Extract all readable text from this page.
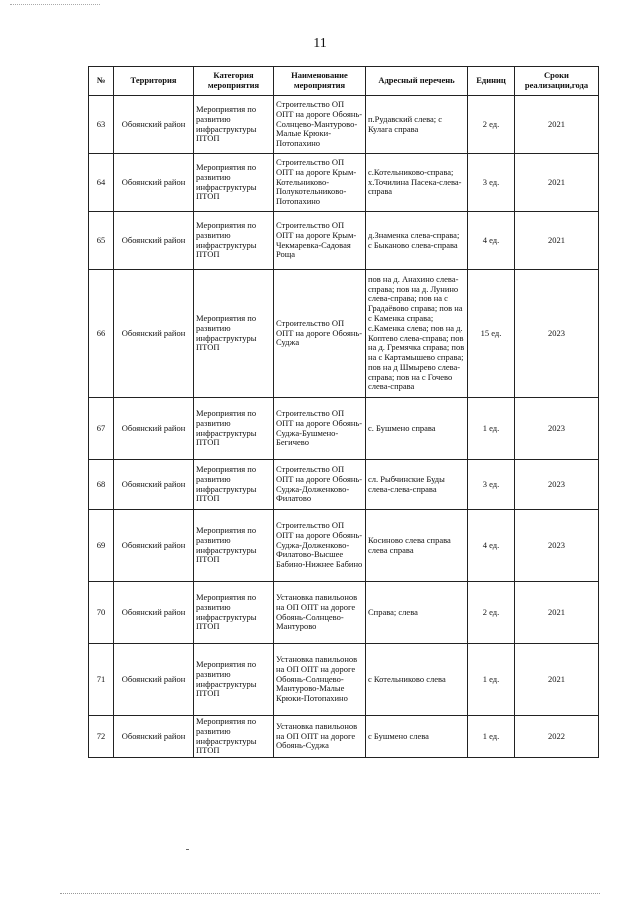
11
№	Территория	Категория мероприятия	Наименование мероприятия	Адресный перечень	Единиц	Сроки реализации,года
63	Обоянский район	Мероприятия по развитию инфраструктуры ПТОП	Строительство ОП ОПТ на дороге Обоянь-Солнцево-Мантурово-Малые Крюки-Потопахино	п.Рудавский слева; с Кулага справа	2 ед.	2021
64	Обоянский район	Мероприятия по развитию инфраструктуры ПТОП	Строительство ОП ОПТ на дороге Крым-Котельниково-Полукотельниково-Потопахино	с.Котельниково-справа; х.Точилина Пасека-слева-справа	3 ед.	2021
65	Обоянский район	Мероприятия по развитию инфраструктуры ПТОП	Строительство ОП ОПТ на дороге Крым-Чекмаревка-Садовая Роща	д.Знаменка слева-справа; с Быканово слева-справа	4 ед.	2021
66	Обоянский район	Мероприятия по развитию инфраструктуры ПТОП	Строительство ОП ОПТ на дороге Обоянь-Суджа	пов на д. Анахино слева-справа; пов на д. Лунино слева-справа; пов на с Градаёвово справа; пов на с Каменка справа; с.Каменка слева; пов на д. Коптево слева-справа; пов на д. Гремячка справа; пов на с Картамышево справа; пов на д Шмырево слева-справа; пов на с Гочево слева-справа	15 ед.	2023
67	Обоянский район	Мероприятия по развитию инфраструктуры ПТОП	Строительство ОП ОПТ на дороге Обоянь-Суджа-Бушмено-Бегичево	с. Бушмено справа	1 ед.	2023
68	Обоянский район	Мероприятия по развитию инфраструктуры ПТОП	Строительство ОП ОПТ на дороге Обоянь-Суджа-Долженково-Филатово	сл. Рыбчинские Буды слева-слева-справа	3 ед.	2023
69	Обоянский район	Мероприятия по развитию инфраструктуры ПТОП	Строительство ОП ОПТ на дороге Обоянь-Суджа-Долженково-Филатово-Высшее Бабино-Нижнее Бабино	Косиново слева справа слева справа	4 ед.	2023
70	Обоянский район	Мероприятия по развитию инфраструктуры ПТОП	Установка павильонов на ОП ОПТ на дороге Обоянь-Солнцево-Мантурово	Справа; слева	2 ед.	2021
71	Обоянский район	Мероприятия по развитию инфраструктуры ПТОП	Установка павильонов на ОП ОПТ на дороге Обоянь-Солнцево-Мантурово-Малые Крюки-Потопахино	с Котельниково слева	1 ед.	2021
72	Обоянский район	Мероприятия по развитию инфраструктуры ПТОП	Установка павильонов на ОП ОПТ на дороге Обоянь-Суджа	с Бушмено слева	1 ед.	2022
